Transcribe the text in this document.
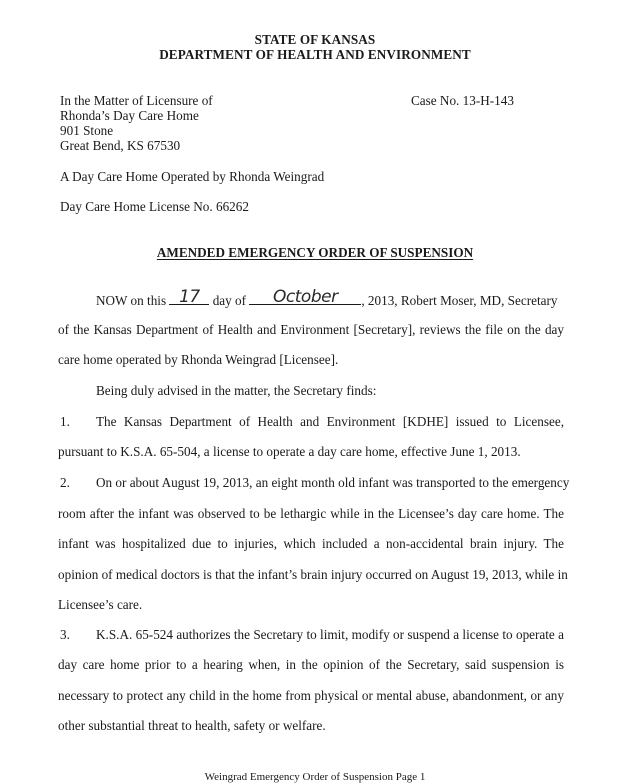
STATE OF KANSAS
DEPARTMENT OF HEALTH AND ENVIRONMENT
In the Matter of Licensure of	Case No. 13-H-143
Rhonda’s Day Care Home
901 Stone
Great Bend, KS 67530
A Day Care Home Operated by Rhonda Weingrad
Day Care Home License No. 66262
AMENDED EMERGENCY ORDER OF SUSPENSION
NOW on this 17 day of	October	, 2013, Robert Moser, MD, Secretary
of the Kansas Department of Health and Environment [Secretary], reviews the file on the day
care home operated by Rhonda Weingrad [Licensee].
Being duly advised in the matter, the Secretary finds:
1. The Kansas Department of Health and Environment [KDHE] issued to Licensee,
pursuant to K.S.A. 65-504, a license to operate a day care home, effective June 1, 2013.
2. On or about August 19, 2013, an eight month old infant was transported to the emergency
room after the infant was observed to be lethargic while in the Licensee’s day care home. The
infant was hospitalized due to injuries, which included a non-accidental brain injury. The
opinion of medical doctors is that the infant’s brain injury occurred on August 19, 2013, while in
Licensee’s care.
3. K.S.A. 65-524 authorizes the Secretary to limit, modify or suspend a license to operate a
day care home prior to a hearing when, in the opinion of the Secretary, said suspension is
necessary to protect any child in the home from physical or mental abuse, abandonment, or any
other substantial threat to health, safety or welfare.
Weingrad Emergency Order of Suspension Page 1
